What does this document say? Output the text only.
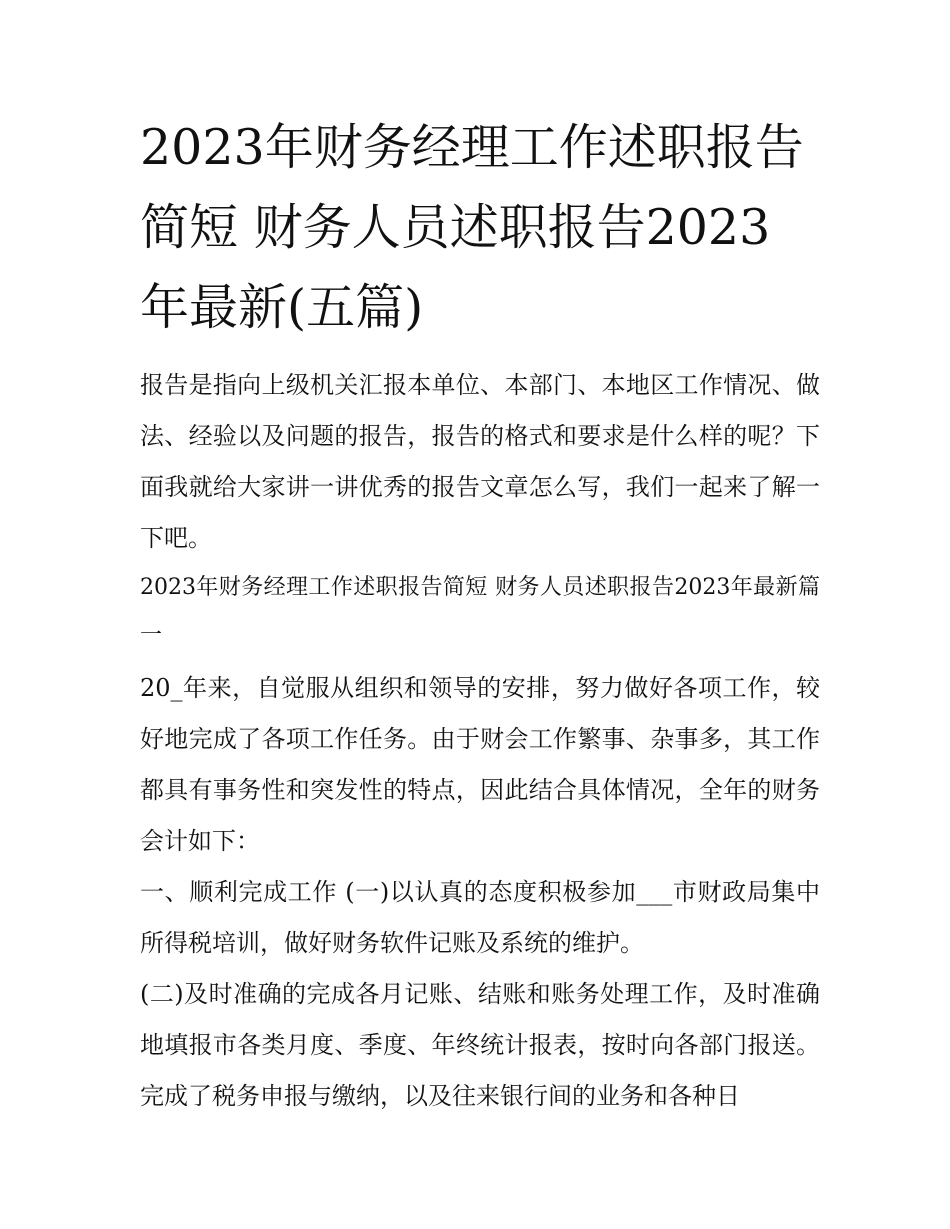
2023年财务经理工作述职报告
简短 财务人员述职报告2023
年最新(五篇)

报告是指向上级机关汇报本单位、本部门、本地区工作情况、做法、经验以及问题的报告，报告的格式和要求是什么样的呢？下面我就给大家讲一讲优秀的报告文章怎么写，我们一起来了解一下吧。

2023年财务经理工作述职报告简短 财务人员述职报告2023年最新篇一

20_年来，自觉服从组织和领导的安排，努力做好各项工作，较好地完成了各项工作任务。由于财会工作繁事、杂事多，其工作都具有事务性和突发性的特点，因此结合具体情况，全年的财务会计如下：

一、顺利完成工作 (一)以认真的态度积极参加___市财政局集中所得税培训，做好财务软件记账及系统的维护。

(二)及时准确的完成各月记账、结账和账务处理工作，及时准确地填报市各类月度、季度、年终统计报表，按时向各部门报送。完成了税务申报与缴纳，以及往来银行间的业务和各种日
